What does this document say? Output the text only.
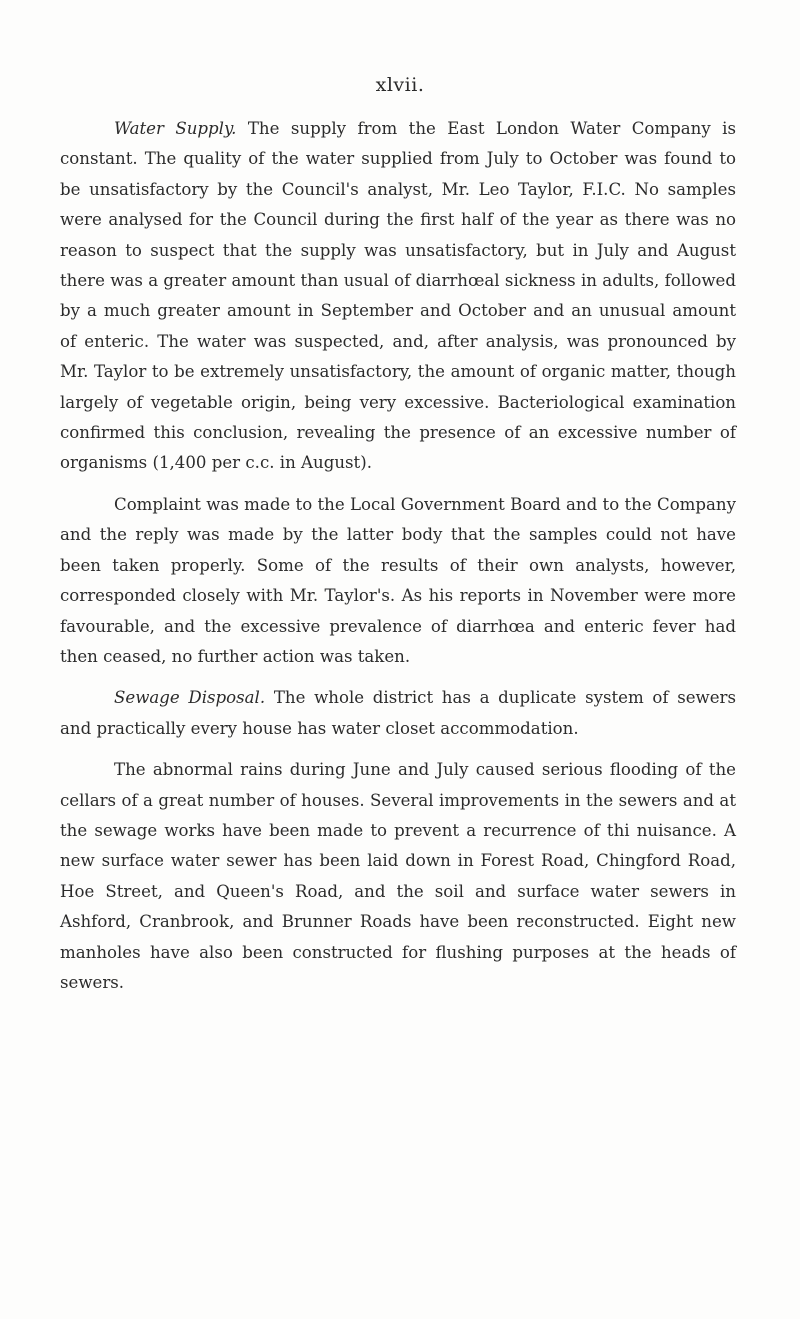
xlvii.

Water Supply. The supply from the East London Water Company is constant. The quality of the water supplied from July to October was found to be unsatisfactory by the Council's analyst, Mr. Leo Taylor, F.I.C. No samples were analysed for the Council during the first half of the year as there was no reason to suspect that the supply was unsatisfactory, but in July and August there was a greater amount than usual of diarrhœal sickness in adults, followed by a much greater amount in September and October and an unusual amount of enteric. The water was suspected, and, after analysis, was pronounced by Mr. Taylor to be extremely unsatisfactory, the amount of organic matter, though largely of vegetable origin, being very excessive. Bacteriological examination confirmed this conclusion, revealing the presence of an excessive number of organisms (1,400 per c.c. in August).

Complaint was made to the Local Government Board and to the Company and the reply was made by the latter body that the samples could not have been taken properly. Some of the results of their own analysts, however, corresponded closely with Mr. Taylor's. As his reports in November were more favourable, and the excessive prevalence of diarrhœa and enteric fever had then ceased, no further action was taken.

Sewage Disposal. The whole district has a duplicate system of sewers and practically every house has water closet accommodation.

The abnormal rains during June and July caused serious flooding of the cellars of a great number of houses. Several improvements in the sewers and at the sewage works have been made to prevent a recurrence of thi nuisance. A new surface water sewer has been laid down in Forest Road, Chingford Road, Hoe Street, and Queen's Road, and the soil and surface water sewers in Ashford, Cranbrook, and Brunner Roads have been reconstructed. Eight new manholes have also been constructed for flushing purposes at the heads of sewers.
